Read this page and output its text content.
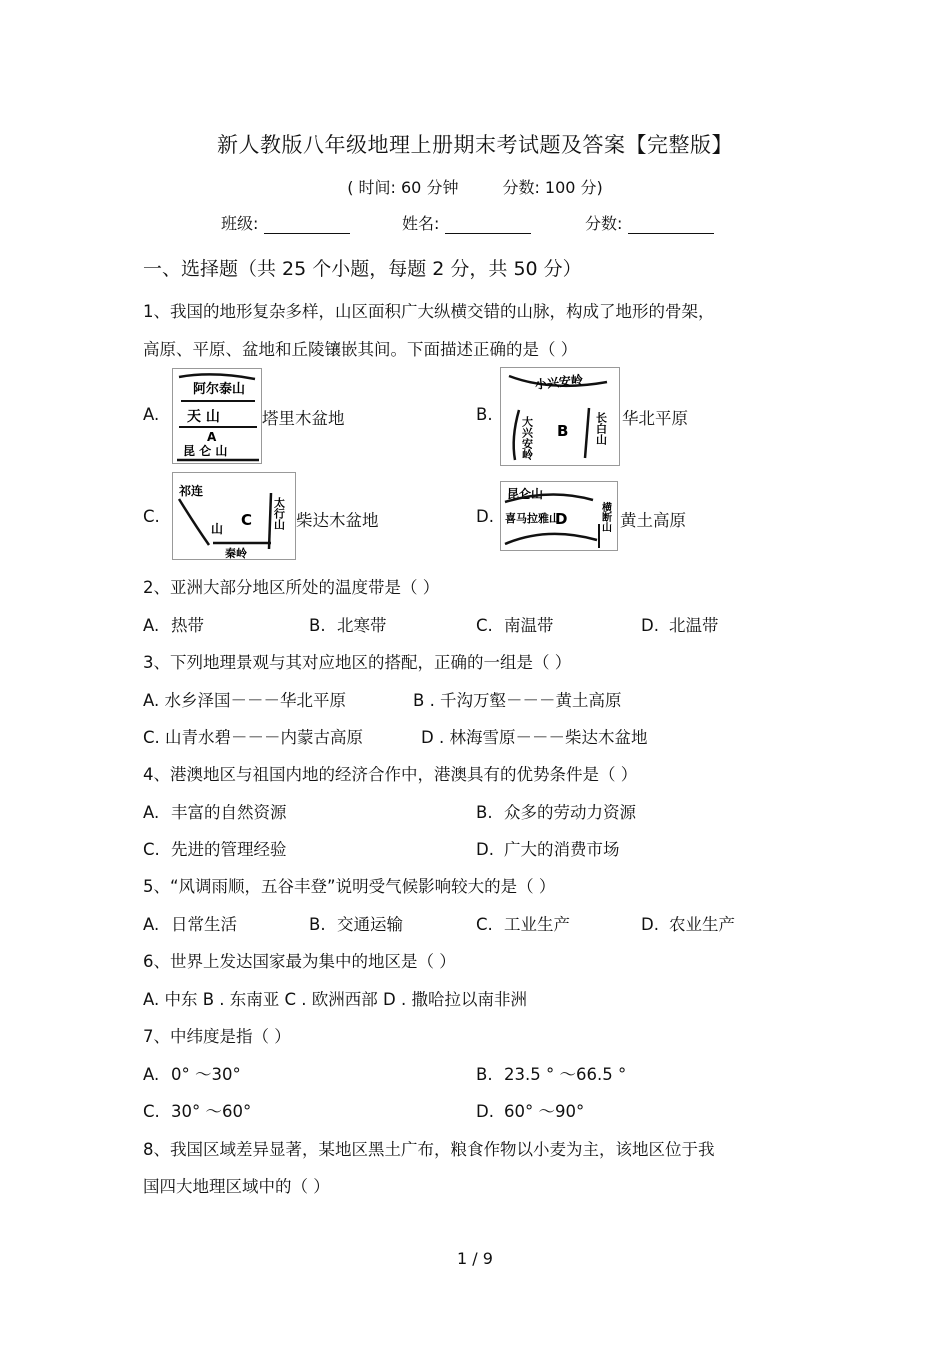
新人教版八年级地理上册期末考试题及答案【完整版】
( 时间: 60 分钟	分数: 100 分)
班级:	姓名:	分数:
一、选择题（共 25 个小题，每题 2 分，共 50 分）
1、我国的地形复杂多样，山区面积广大纵横交错的山脉，构成了地形的骨架，
高原、平原、盆地和丘陵镶嵌其间。下面描述正确的是（ ）
A.
阿尔泰山
天 山
A
昆 仑 山
塔里木盆地	B.
小兴安岭
大兴安岭 B 长白山 华北平原
C.
祁连
山 C 太行山
秦岭
柴达木盆地	D.
昆仑山
D
喜马拉雅山	横断山 黄土高原
2、亚洲大部分地区所处的温度带是（ ）
A. 热带	B. 北寒带	C. 南温带	D. 北温带
3、下列地理景观与其对应地区的搭配，正确的一组是（ ）
A. 水乡泽国－－－华北平原	B . 千沟万壑－－－黄土高原
C. 山青水碧－－－内蒙古高原	D . 林海雪原－－－柴达木盆地
4、港澳地区与祖国内地的经济合作中，港澳具有的优势条件是（ ）
A. 丰富的自然资源	B. 众多的劳动力资源
C. 先进的管理经验	D. 广大的消费市场
5、“风调雨顺，五谷丰登”说明受气候影响较大的是（ ）
A. 日常生活	B. 交通运输	C. 工业生产	D. 农业生产
6、世界上发达国家最为集中的地区是（ ）
A. 中东 B . 东南亚 C . 欧洲西部 D . 撒哈拉以南非洲
7、中纬度是指（ ）
A. 0° ～30°	B. 23.5 ° ～66.5 °
C. 30° ～60°	D. 60° ～90°
8、我国区域差异显著，某地区黑土广布，粮食作物以小麦为主，该地区位于我
国四大地理区域中的（ ）
1 / 9
